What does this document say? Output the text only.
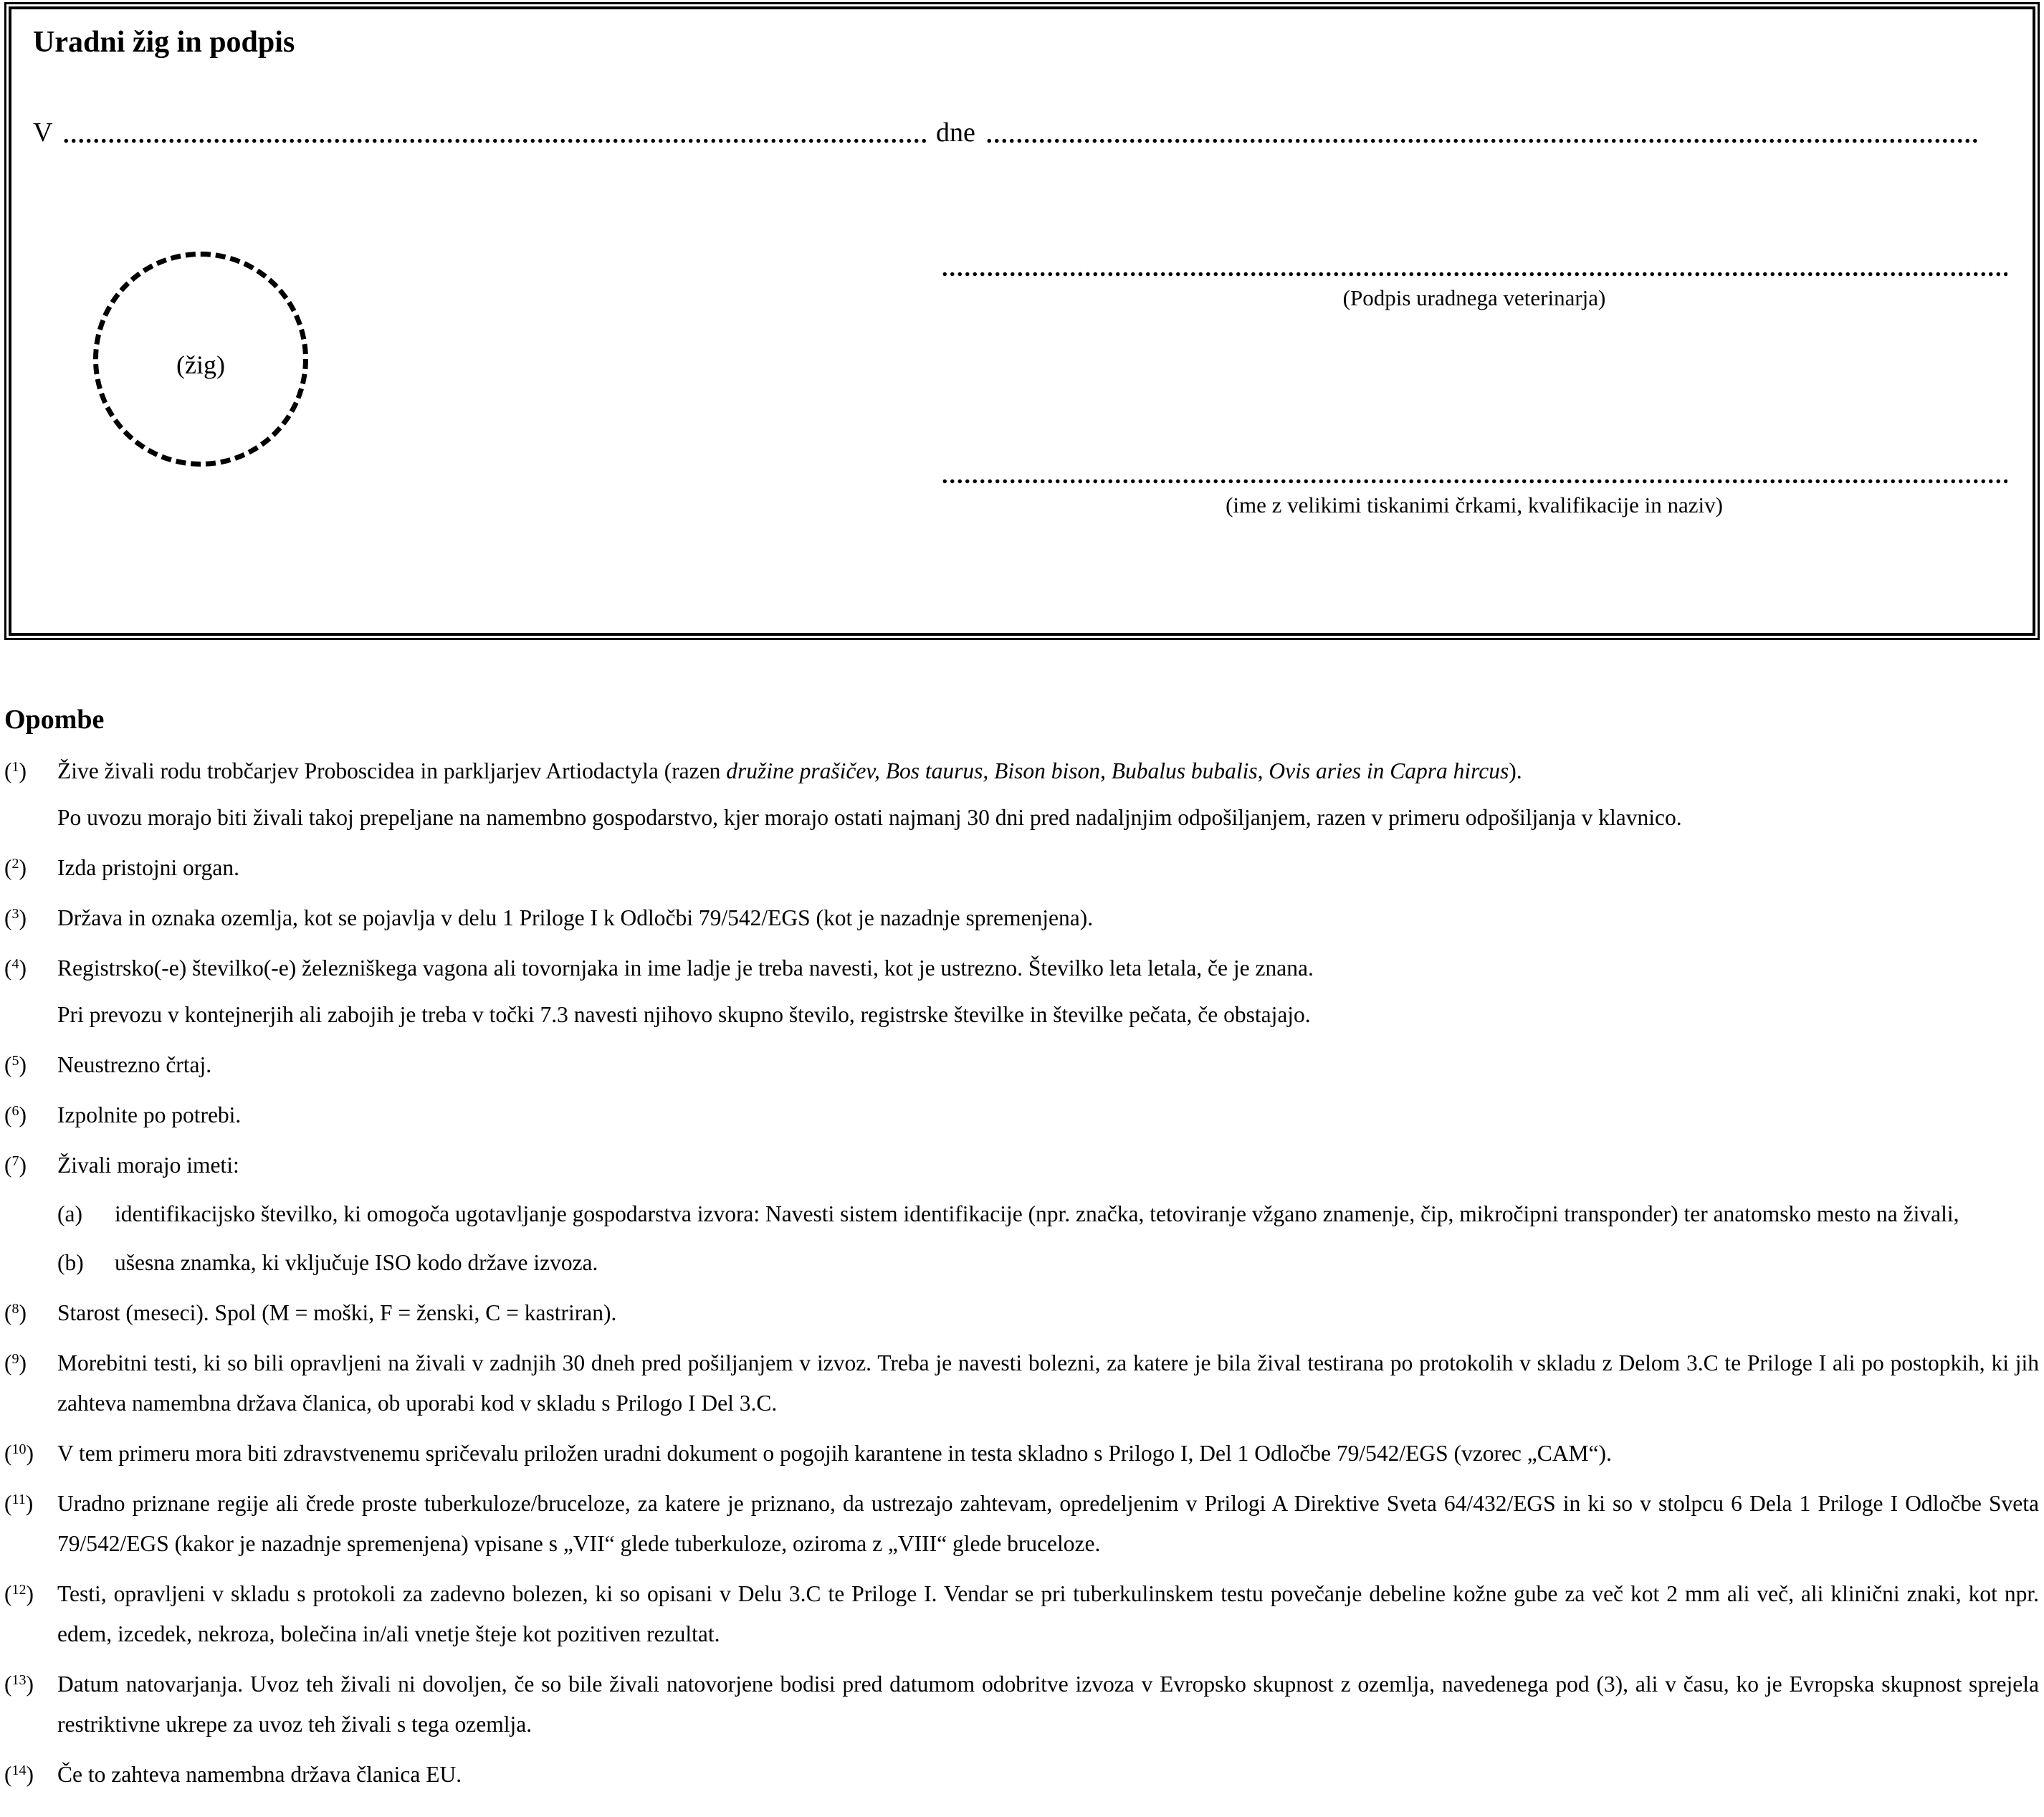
Uradni žig in podpis
V	dne
(žig)
(Podpis uradnega veterinarja)
(ime z velikimi tiskanimi črkami, kvalifikacije in naziv)

Opombe

($^1$)	Žive živali rodu trobčarjev Proboscidea in parkljarjev Artiodactyla (razen družine prašičev, Bos taurus, Bison bison, Bubalus bubalis, Ovis aries in Capra hircus).

Po uvozu morajo biti živali takoj prepeljane na namembno gospodarstvo, kjer morajo ostati najmanj 30 dni pred nadaljnjim odpošiljanjem, razen v primeru odpošiljanja v klavnico.

($^2$)	Izda pristojni organ.

($^3$)	Država in oznaka ozemlja, kot se pojavlja v delu 1 Priloge I k Odločbi 79/542/EGS (kot je nazadnje spremenjena).

($^4$)	Registrsko(-e) številko(-e) železniškega vagona ali tovornjaka in ime ladje je treba navesti, kot je ustrezno. Številko leta letala, če je znana.

Pri prevozu v kontejnerjih ali zabojih je treba v točki 7.3 navesti njihovo skupno število, registrske številke in številke pečata, če obstajajo.

($^5$)	Neustrezno črtaj.

($^6$)	Izpolnite po potrebi.

($^7$)	Živali morajo imeti:

(a)	identifikacijsko številko, ki omogoča ugotavljanje gospodarstva izvora: Navesti sistem identifikacije (npr. značka, tetoviranje vžgano znamenje, čip, mikročipni transponder) ter anatomsko mesto na živali,

(b)	ušesna znamka, ki vključuje ISO kodo države izvoza.

($^8$)	Starost (meseci). Spol (M = moški, F = ženski, C = kastriran).

($^9$)	Morebitni testi, ki so bili opravljeni na živali v zadnjih 30 dneh pred pošiljanjem v izvoz. Treba je navesti bolezni, za katere je bila žival testirana po protokolih v skladu z Delom 3.C te Priloge I ali po postopkih, ki jih zahteva namembna država članica, ob uporabi kod v skladu s Prilogo I Del 3.C.

($^{10}$)	V tem primeru mora biti zdravstvenemu spričevalu priložen uradni dokument o pogojih karantene in testa skladno s Prilogo I, Del 1 Odločbe 79/542/EGS (vzorec „CAM“).

($^{11}$)	Uradno priznane regije ali črede proste tuberkuloze/bruceloze, za katere je priznano, da ustrezajo zahtevam, opredeljenim v Prilogi A Direktive Sveta 64/432/EGS in ki so v stolpcu 6 Dela 1 Priloge I Odločbe Sveta 79/542/EGS (kakor je nazadnje spremenjena) vpisane s „VII“ glede tuberkuloze, oziroma z „VIII“ glede bruceloze.

($^{12}$)	Testi, opravljeni v skladu s protokoli za zadevno bolezen, ki so opisani v Delu 3.C te Priloge I. Vendar se pri tuberkulinskem testu povečanje debeline kožne gube za več kot 2 mm ali več, ali klinični znaki, kot npr. edem, izcedek, nekroza, bolečina in/ali vnetje šteje kot pozitiven rezultat.

($^{13}$)	Datum natovarjanja. Uvoz teh živali ni dovoljen, če so bile živali natovorjene bodisi pred datumom odobritve izvoza v Evropsko skupnost z ozemlja, navedenega pod (3), ali v času, ko je Evropska skupnost sprejela restriktivne ukrepe za uvoz teh živali s tega ozemlja.

($^{14}$)	Če to zahteva namembna država članica EU.
